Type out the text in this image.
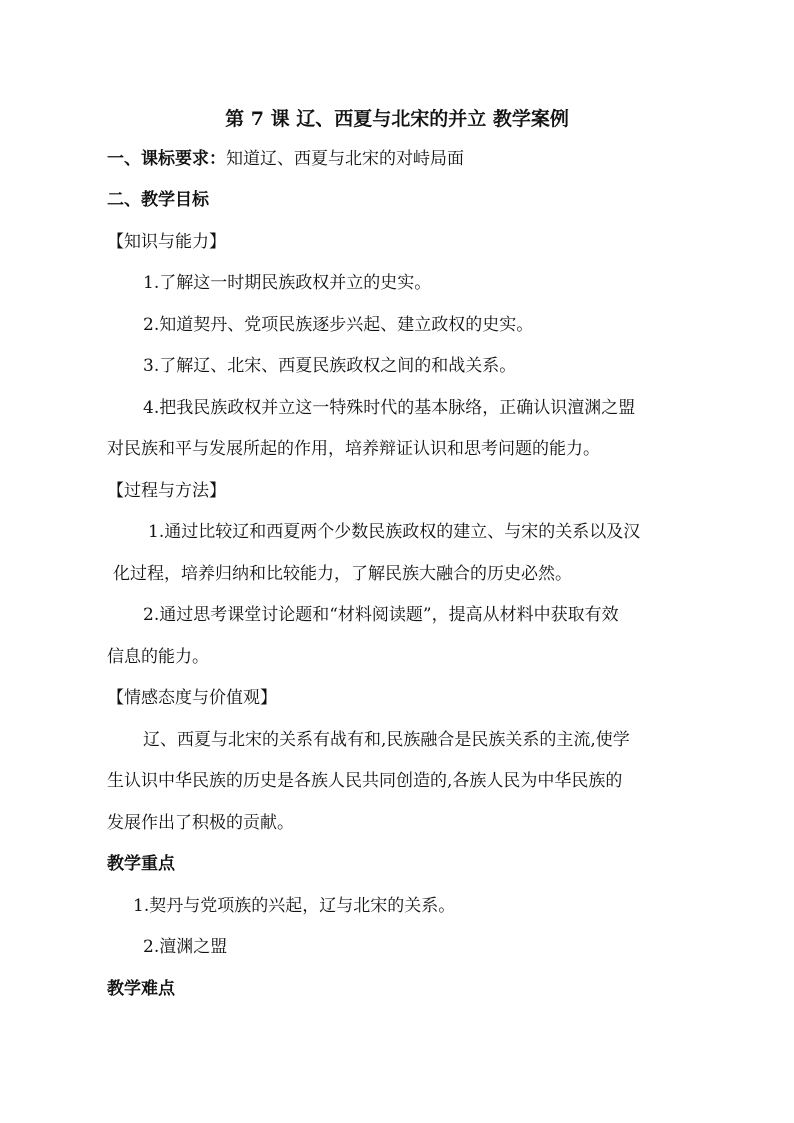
第 7 课 辽、西夏与北宋的并立 教学案例
一、课标要求：知道辽、西夏与北宋的对峙局面
二、教学目标
【知识与能力】
1.了解这一时期民族政权并立的史实。
2.知道契丹、党项民族逐步兴起、建立政权的史实。
3.了解辽、北宋、西夏民族政权之间的和战关系。
4.把我民族政权并立这一特殊时代的基本脉络，正确认识澶渊之盟
对民族和平与发展所起的作用，培养辩证认识和思考问题的能力。
【过程与方法】
1.通过比较辽和西夏两个少数民族政权的建立、与宋的关系以及汉
化过程，培养归纳和比较能力，了解民族大融合的历史必然。
2.通过思考课堂讨论题和“材料阅读题”，提高从材料中获取有效
信息的能力。
【情感态度与价值观】
辽、西夏与北宋的关系有战有和,民族融合是民族关系的主流,使学
生认识中华民族的历史是各族人民共同创造的,各族人民为中华民族的
发展作出了积极的贡献。
教学重点
1.契丹与党项族的兴起，辽与北宋的关系。
2.澶渊之盟
教学难点
